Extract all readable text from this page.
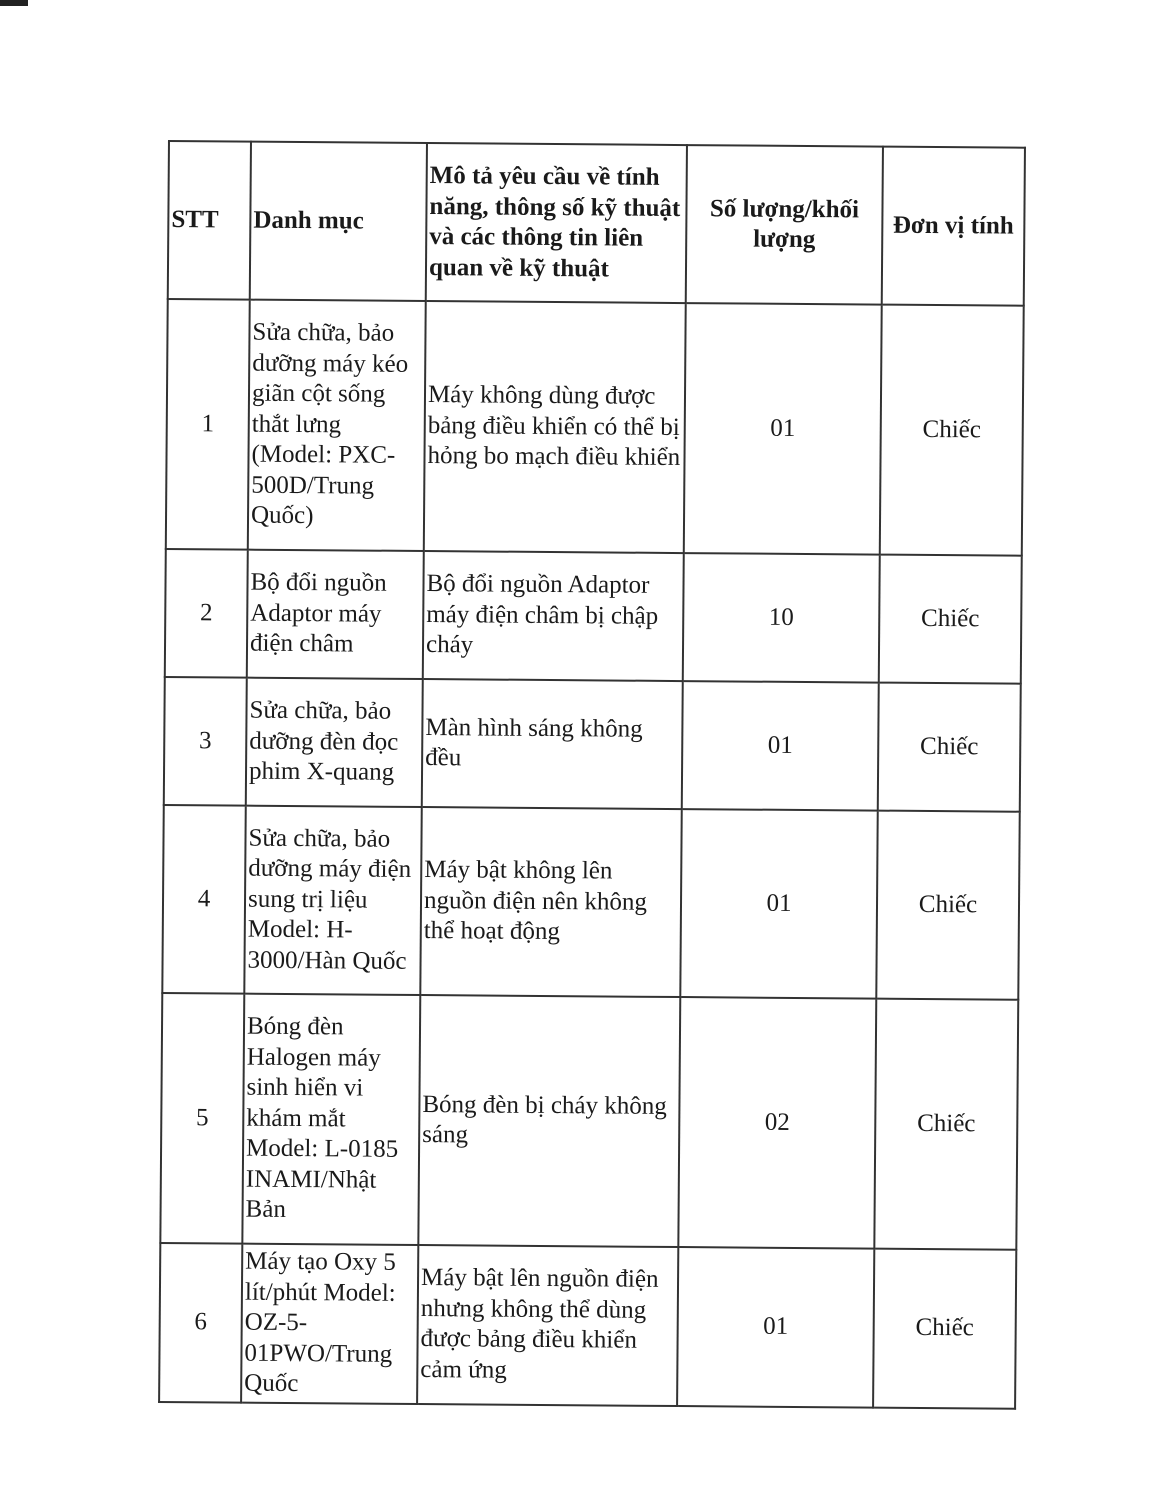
STT	Danh mục	Mô tả yêu cầu về tính năng, thông số kỹ thuật và các thông tin liên quan về kỹ thuật	Số lượng/khối lượng	Đơn vị tính
1	Sửa chữa, bảo dưỡng máy kéo giãn cột sống thắt lưng (Model: PXC-500D/Trung Quốc)	Máy không dùng được bảng điều khiển có thể bị hỏng bo mạch điều khiển	01	Chiếc
2	Bộ đổi nguồn Adaptor máy điện châm	Bộ đổi nguồn Adaptor máy điện châm bị chập cháy	10	Chiếc
3	Sửa chữa, bảo dưỡng đèn đọc phim X-quang	Màn hình sáng không đều	01	Chiếc
4	Sửa chữa, bảo dưỡng máy điện sung trị liệu Model: H-3000/Hàn Quốc	Máy bật không lên nguồn điện nên không thể hoạt động	01	Chiếc
5	Bóng đèn Halogen máy sinh hiển vi khám mắt Model: L-0185 INAMI/Nhật Bản	Bóng đèn bị cháy không sáng	02	Chiếc
6	Máy tạo Oxy 5 lít/phút Model: OZ-5-01PWO/Trung Quốc	Máy bật lên nguồn điện nhưng không thể dùng được bảng điều khiển cảm ứng	01	Chiếc
